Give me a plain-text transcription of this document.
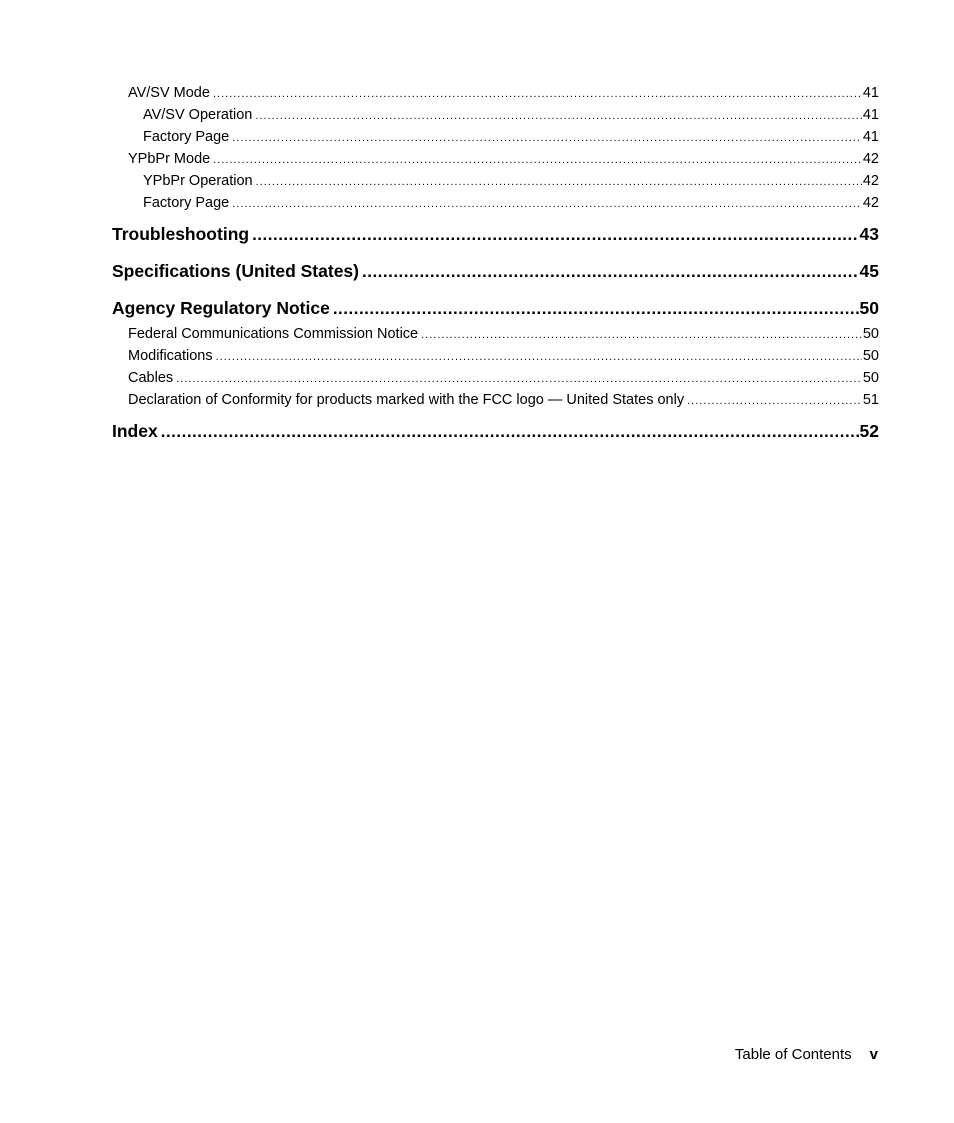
AV/SV Mode .....	41
AV/SV Operation .....	41
Factory Page .....	41
YPbPr Mode .....	42
YPbPr Operation .....	42
Factory Page .....	42
Troubleshooting .....	43
Specifications (United States) .....	45
Agency Regulatory Notice .....	50
Federal Communications Commission Notice .....	50
Modifications .....	50
Cables .....	50
Declaration of Conformity for products marked with the FCC logo — United States only .....	51
Index .....	52
Table of Contents	v
